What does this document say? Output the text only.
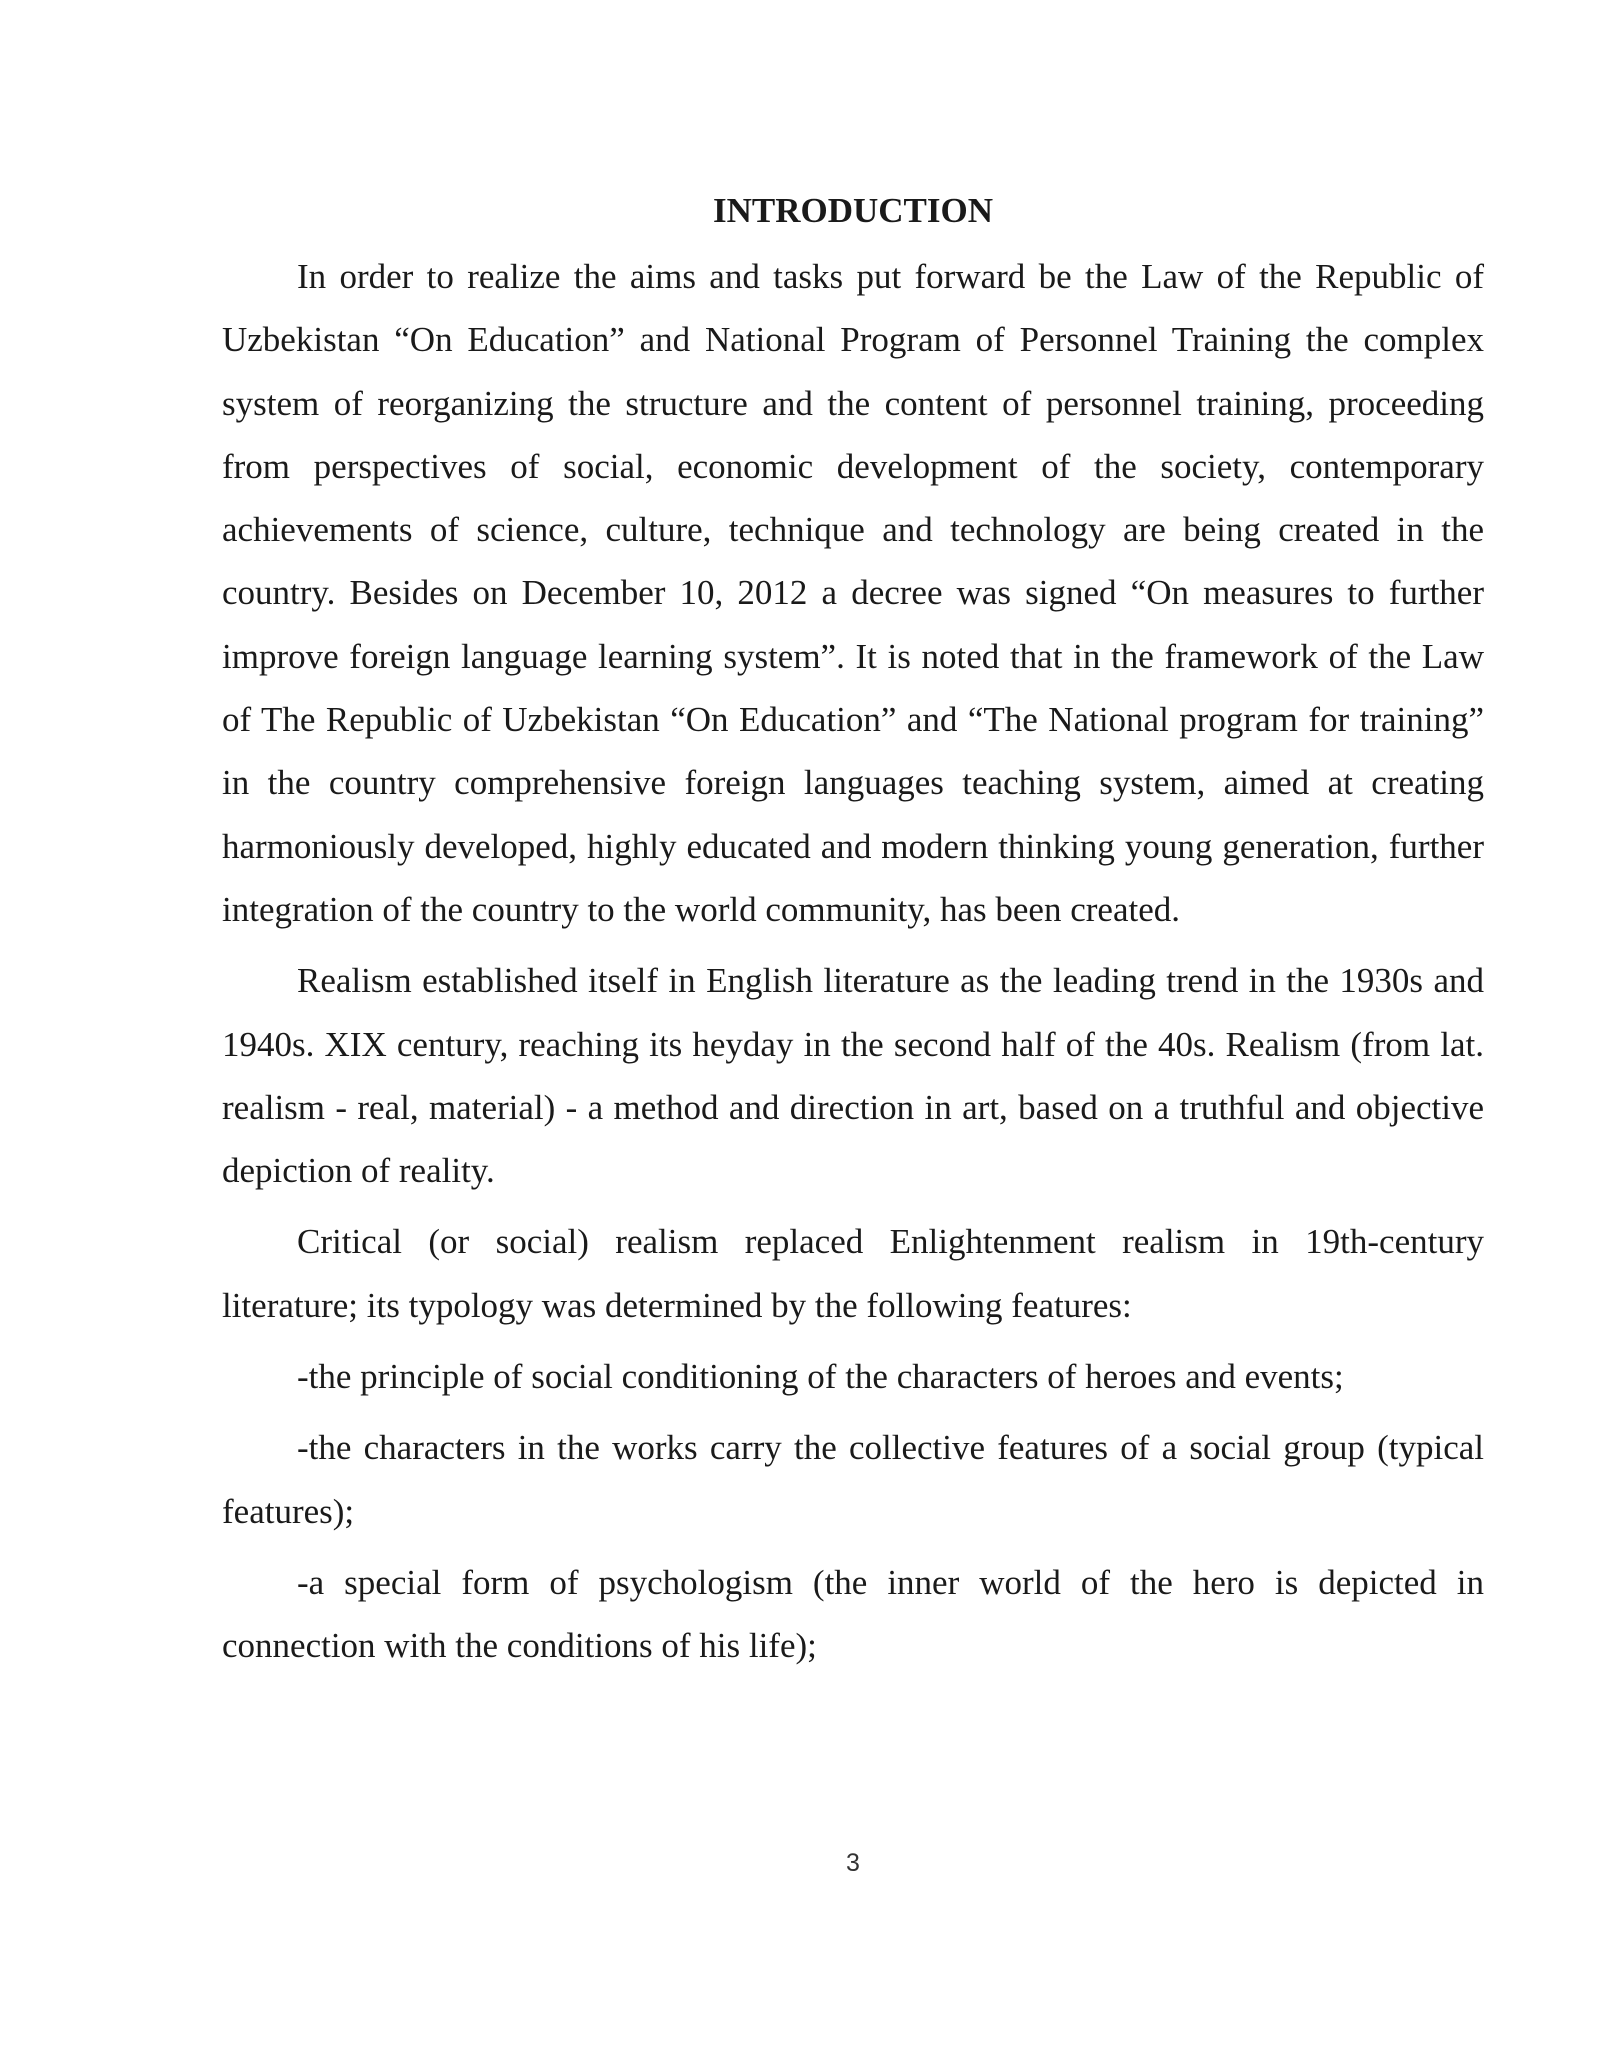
INTRODUCTION

In order to realize the aims and tasks put forward be the Law of the Republic of Uzbekistan “On Education” and National Program of Personnel Training the complex system of reorganizing the structure and the content of personnel training, proceeding from perspectives of social, economic development of the society, contemporary achievements of science, culture, technique and technology are being created in the country. Besides on December 10, 2012 a decree was signed “On measures to further improve foreign language learning system”. It is noted that in the framework of the Law of The Republic of Uzbekistan “On Education” and “The National program for training” in the country comprehensive foreign languages teaching system, aimed at creating harmoniously developed, highly educated and modern thinking young generation, further integration of the country to the world community, has been created.

Realism established itself in English literature as the leading trend in the 1930s and 1940s. XIX century, reaching its heyday in the second half of the 40s. Realism (from lat. realism - real, material) - a method and direction in art, based on a truthful and objective depiction of reality.

Critical (or social) realism replaced Enlightenment realism in 19th-century literature; its typology was determined by the following features:

-the principle of social conditioning of the characters of heroes and events;

-the characters in the works carry the collective features of a social group (typical features);

-a special form of psychologism (the inner world of the hero is depicted in connection with the conditions of his life);

3
